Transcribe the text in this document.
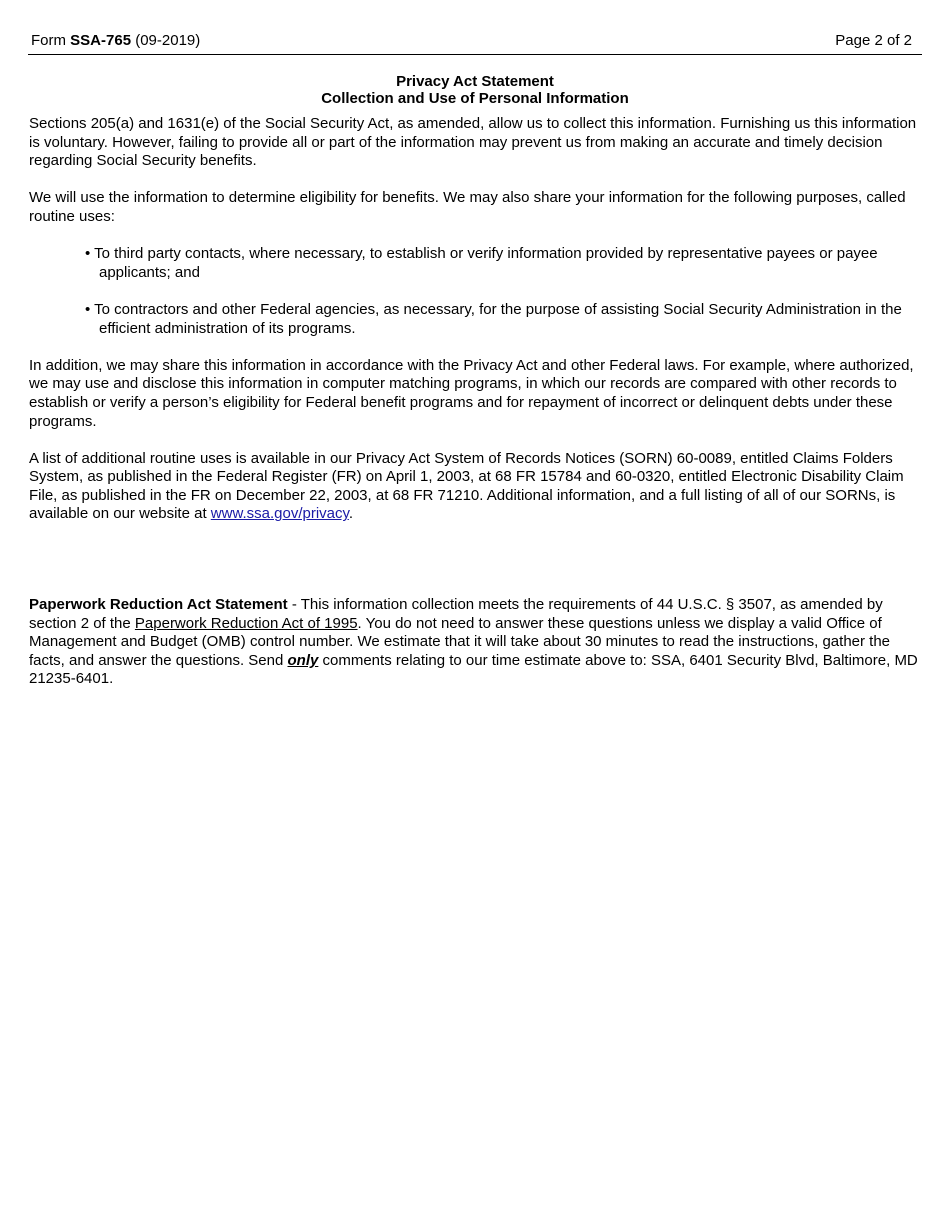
Form SSA-765 (09-2019)	Page 2 of 2
Privacy Act Statement
Collection and Use of Personal Information

Sections 205(a) and 1631(e) of the Social Security Act, as amended, allow us to collect this information. Furnishing us this information is voluntary. However, failing to provide all or part of the information may prevent us from making an accurate and timely decision regarding Social Security benefits.

We will use the information to determine eligibility for benefits. We may also share your information for the following purposes, called routine uses:

• To third party contacts, where necessary, to establish or verify information provided by representative payees or payee applicants; and
• To contractors and other Federal agencies, as necessary, for the purpose of assisting Social Security Administration in the efficient administration of its programs.

In addition, we may share this information in accordance with the Privacy Act and other Federal laws. For example, where authorized, we may use and disclose this information in computer matching programs, in which our records are compared with other records to establish or verify a person’s eligibility for Federal benefit programs and for repayment of incorrect or delinquent debts under these programs.

A list of additional routine uses is available in our Privacy Act System of Records Notices (SORN) 60-0089, entitled Claims Folders System, as published in the Federal Register (FR) on April 1, 2003, at 68 FR 15784 and 60-0320, entitled Electronic Disability Claim File, as published in the FR on December 22, 2003, at 68 FR 71210. Additional information, and a full listing of all of our SORNs, is available on our website at www.ssa.gov/privacy.

Paperwork Reduction Act Statement - This information collection meets the requirements of 44 U.S.C. § 3507, as amended by section 2 of the Paperwork Reduction Act of 1995. You do not need to answer these questions unless we display a valid Office of Management and Budget (OMB) control number. We estimate that it will take about 30 minutes to read the instructions, gather the facts, and answer the questions. Send only comments relating to our time estimate above to: SSA, 6401 Security Blvd, Baltimore, MD 21235-6401.
